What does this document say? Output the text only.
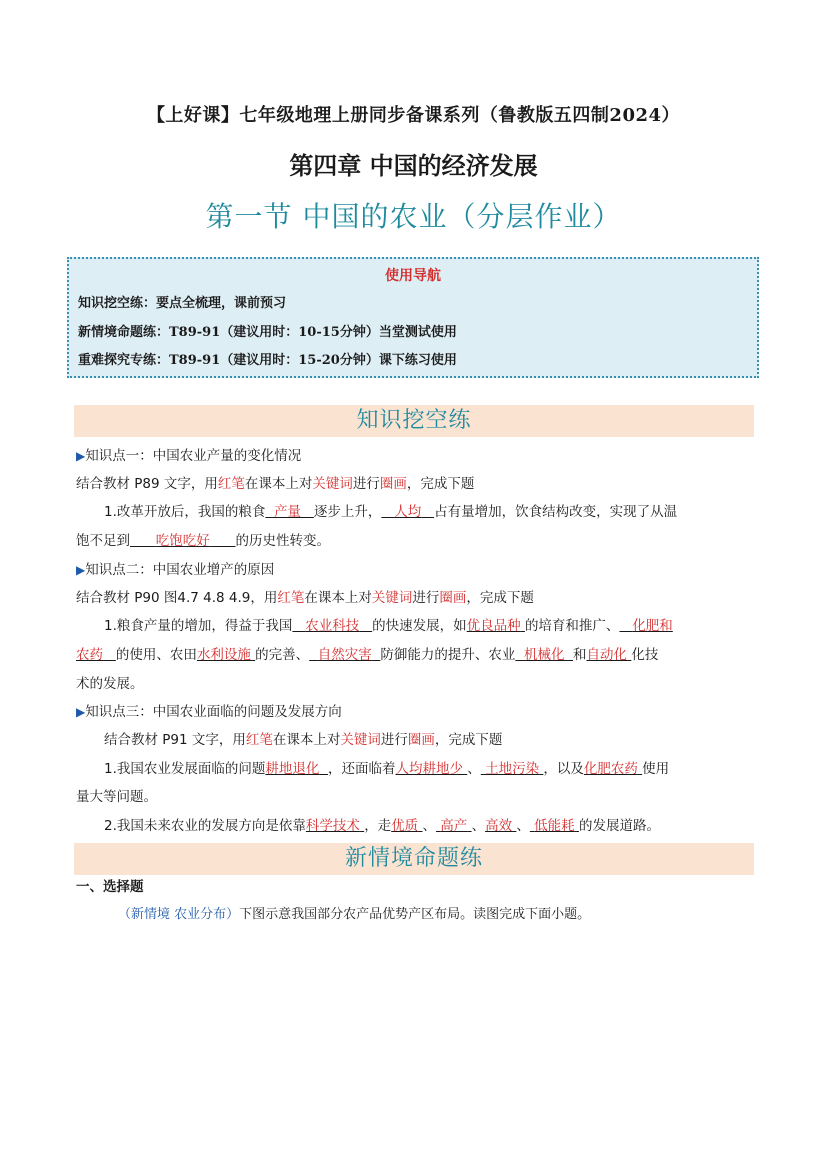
【上好课】七年级地理上册同步备课系列（鲁教版五四制2024）
第四章 中国的经济发展
第一节 中国的农业（分层作业）
使用导航
知识挖空练：要点全梳理，课前预习
新情境命题练：T89-91（建议用时：10-15分钟）当堂测试使用
重难探究专练：T89-91（建议用时：15-20分钟）课下练习使用
知识挖空练
▶知识点一：中国农业产量的变化情况
结合教材 P89 文字，用红笔在课本上对关键词进行圈画，完成下题
1.改革开放后，我国的粮食 产量 逐步上升， 人均 占有量增加，饮食结构改变，实现了从温
饱不足到 吃饱吃好 的历史性转变。
▶知识点二：中国农业增产的原因
结合教材 P90 图4.7 4.8 4.9，用红笔在课本上对关键词进行圈画，完成下题
1.粮食产量的增加，得益于我国 农业科技 的快速发展，如优良品种 的培育和推广、 化肥和
农药 的使用、农田水利设施 的完善、 自然灾害 防御能力的提升、农业 机械化 和自动化 化技
术的发展。
▶知识点三：中国农业面临的问题及发展方向
结合教材 P91 文字，用红笔在课本上对关键词进行圈画，完成下题
1.我国农业发展面临的问题耕地退化 ，还面临着人均耕地少 、 土地污染 ，以及化肥农药 使用
量大等问题。
2.我国未来农业的发展方向是依靠科学技术 ，走优质 、 高产 、高效 、 低能耗 的发展道路。
新情境命题练
一、选择题
（新情境 农业分布）下图示意我国部分农产品优势产区布局。读图完成下面小题。
